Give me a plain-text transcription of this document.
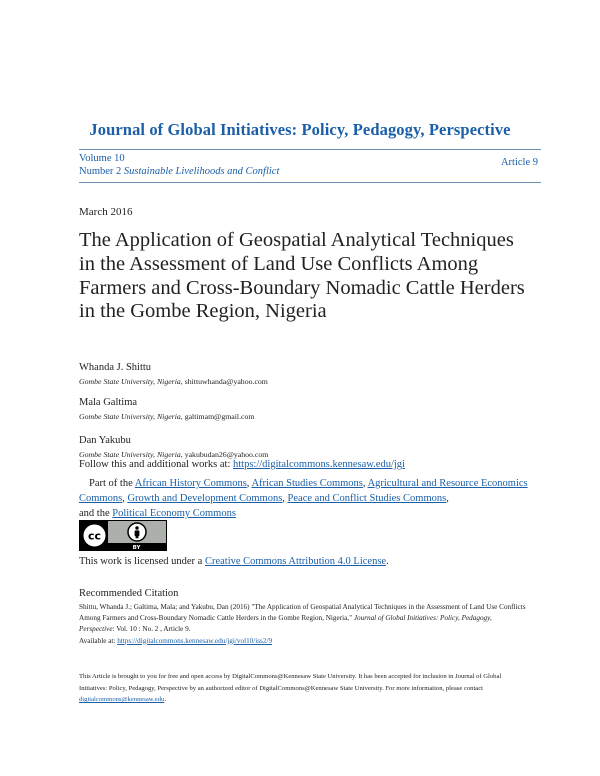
Journal of Global Initiatives: Policy, Pedagogy, Perspective
Volume 10
Number 2 Sustainable Livelihoods and Conflict
Article 9
March 2016
The Application of Geospatial Analytical Techniques in the Assessment of Land Use Conflicts Among Farmers and Cross-Boundary Nomadic Cattle Herders in the Gombe Region, Nigeria
Whanda J. Shittu
Gombe State University, Nigeria, shittuwhanda@yahoo.com
Mala Galtima
Gombe State University, Nigeria, galtimam@gmail.com
Dan Yakubu
Gombe State University, Nigeria, yakubudan26@yahoo.com
Follow this and additional works at: https://digitalcommons.kennesaw.edu/jgi
Part of the African History Commons, African Studies Commons, Agricultural and Resource Economics Commons, Growth and Development Commons, Peace and Conflict Studies Commons,
and the Political Economy Commons
cc
BY
This work is licensed under a Creative Commons Attribution 4.0 License.
Recommended Citation
Shittu, Whanda J.; Galtima, Mala; and Yakubu, Dan (2016) "The Application of Geospatial Analytical Techniques in the Assessment of Land Use Conflicts Among Farmers and Cross-Boundary Nomadic Cattle Herders in the Gombe Region, Nigeria," Journal of Global Initiatives: Policy, Pedagogy, Perspective: Vol. 10 : No. 2 , Article 9.
Available at: https://digitalcommons.kennesaw.edu/jgi/vol10/iss2/9
This Article is brought to you for free and open access by DigitalCommons@Kennesaw State University. It has been accepted for inclusion in Journal of Global Initiatives: Policy, Pedagogy, Perspective by an authorized editor of DigitalCommons@Kennesaw State University. For more information, please contact digitalcommons@kennesaw.edu.
